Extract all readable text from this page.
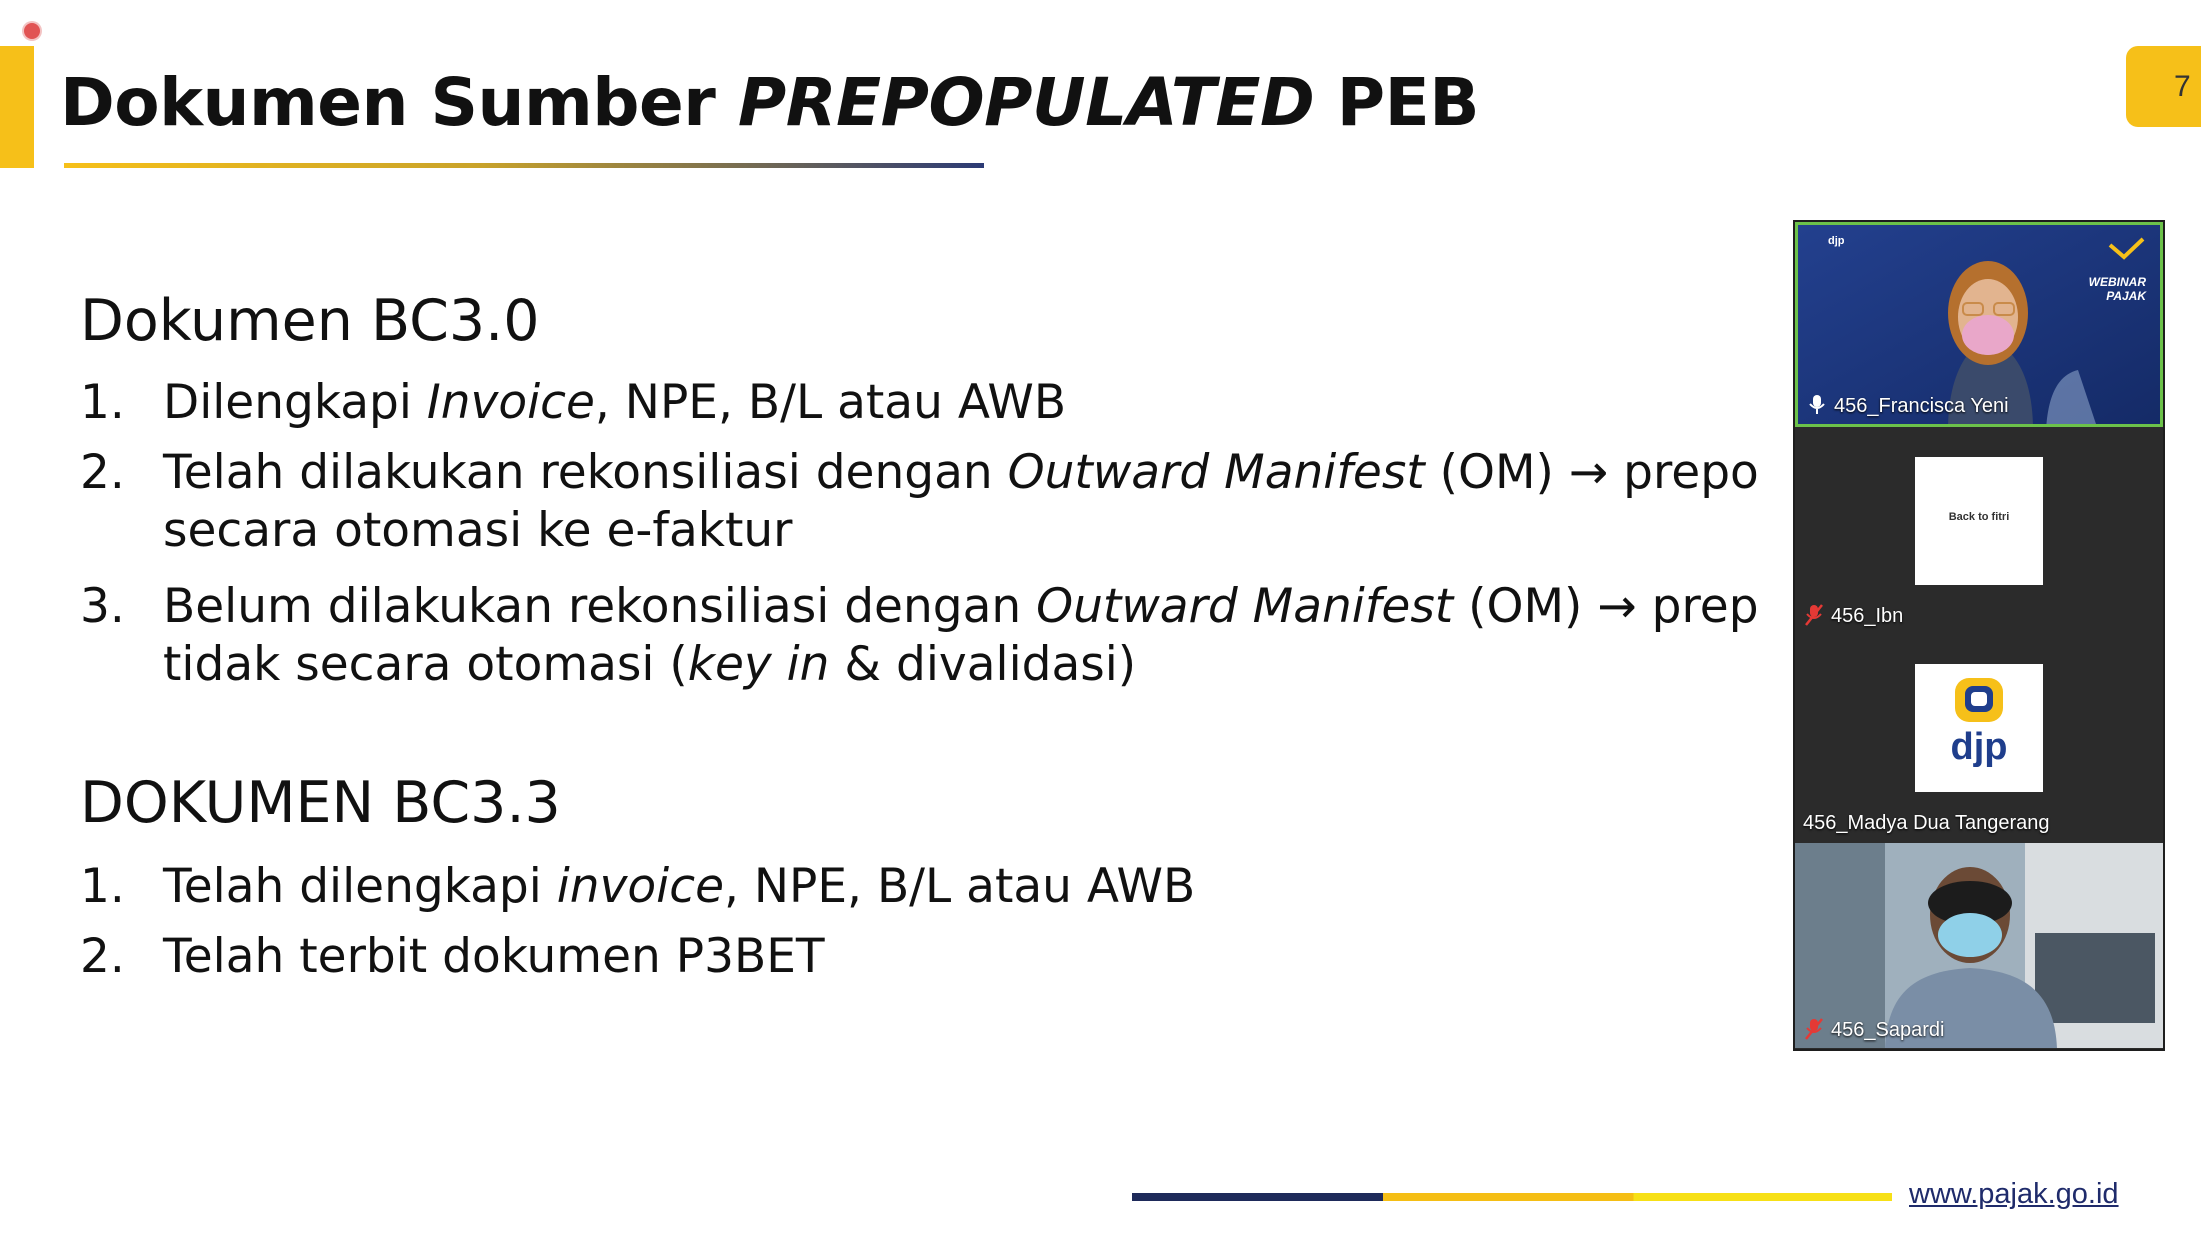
Dokumen Sumber PREPOPULATED PEB	7
Dokumen BC3.0
1. Dilengkapi Invoice, NPE, B/L atau AWB
2. Telah dilakukan rekonsiliasi dengan Outward Manifest (OM) → prepo
secara otomasi ke e-faktur
3. Belum dilakukan rekonsiliasi dengan Outward Manifest (OM) → prep
tidak secara otomasi (key in & divalidasi)
DOKUMEN BC3.3
1. Telah dilengkapi invoice, NPE, B/L atau AWB
2. Telah terbit dokumen P3BET
djp
WEBINAR PAJAK
456_Francisca Yeni
Back to fitri
456_Ibn
djp
456_Madya Dua Tangerang
456_Sapardi
www.pajak.go.id
